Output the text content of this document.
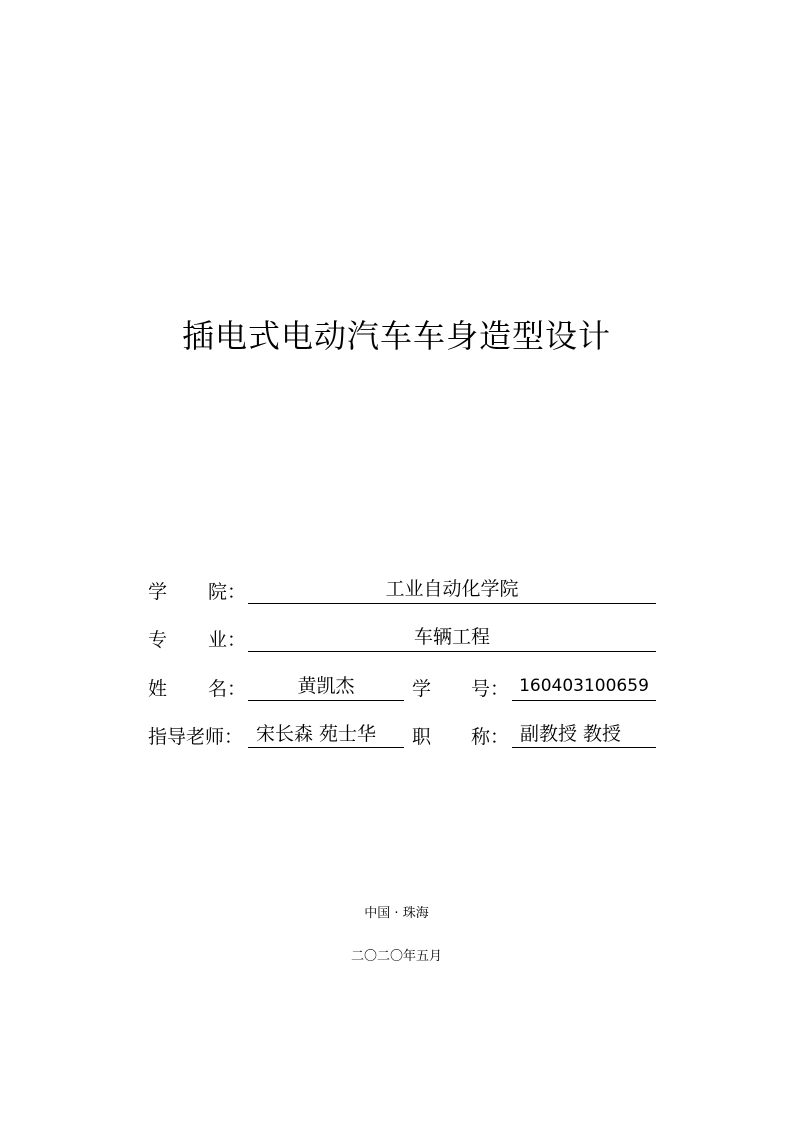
插电式电动汽车车身造型设计
学 院：	工业自动化学院
专 业：	车辆工程
姓 名：	黄凯杰	学 号： 160403100659
指导老师： 宋长森 苑士华	职 称： 副教授 教授
中国 · 珠海
二〇二〇年五月
